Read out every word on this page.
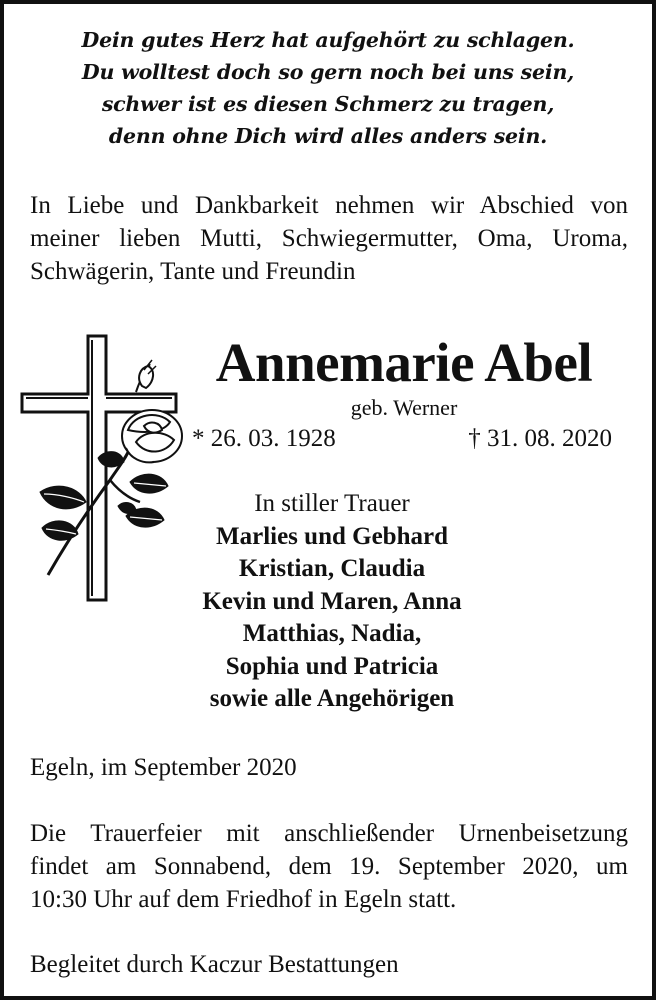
Dein gutes Herz hat aufgehört zu schlagen.
Du wolltest doch so gern noch bei uns sein,
schwer ist es diesen Schmerz zu tragen,
denn ohne Dich wird alles anders sein.
In Liebe und Dankbarkeit nehmen wir Abschied von
meiner lieben Mutti, Schwiegermutter, Oma, Uroma,
Schwägerin, Tante und Freundin
Annemarie Abel
geb. Werner
* 26. 03. 1928	† 31. 08. 2020
In stiller Trauer
Marlies und Gebhard
Kristian, Claudia
Kevin und Maren, Anna
Matthias, Nadia,
Sophia und Patricia
sowie alle Angehörigen
Egeln, im September 2020
Die Trauerfeier mit anschließender Urnenbeisetzung
findet am Sonnabend, dem 19. September 2020, um
10:30 Uhr auf dem Friedhof in Egeln statt.
Begleitet durch Kaczur Bestattungen
